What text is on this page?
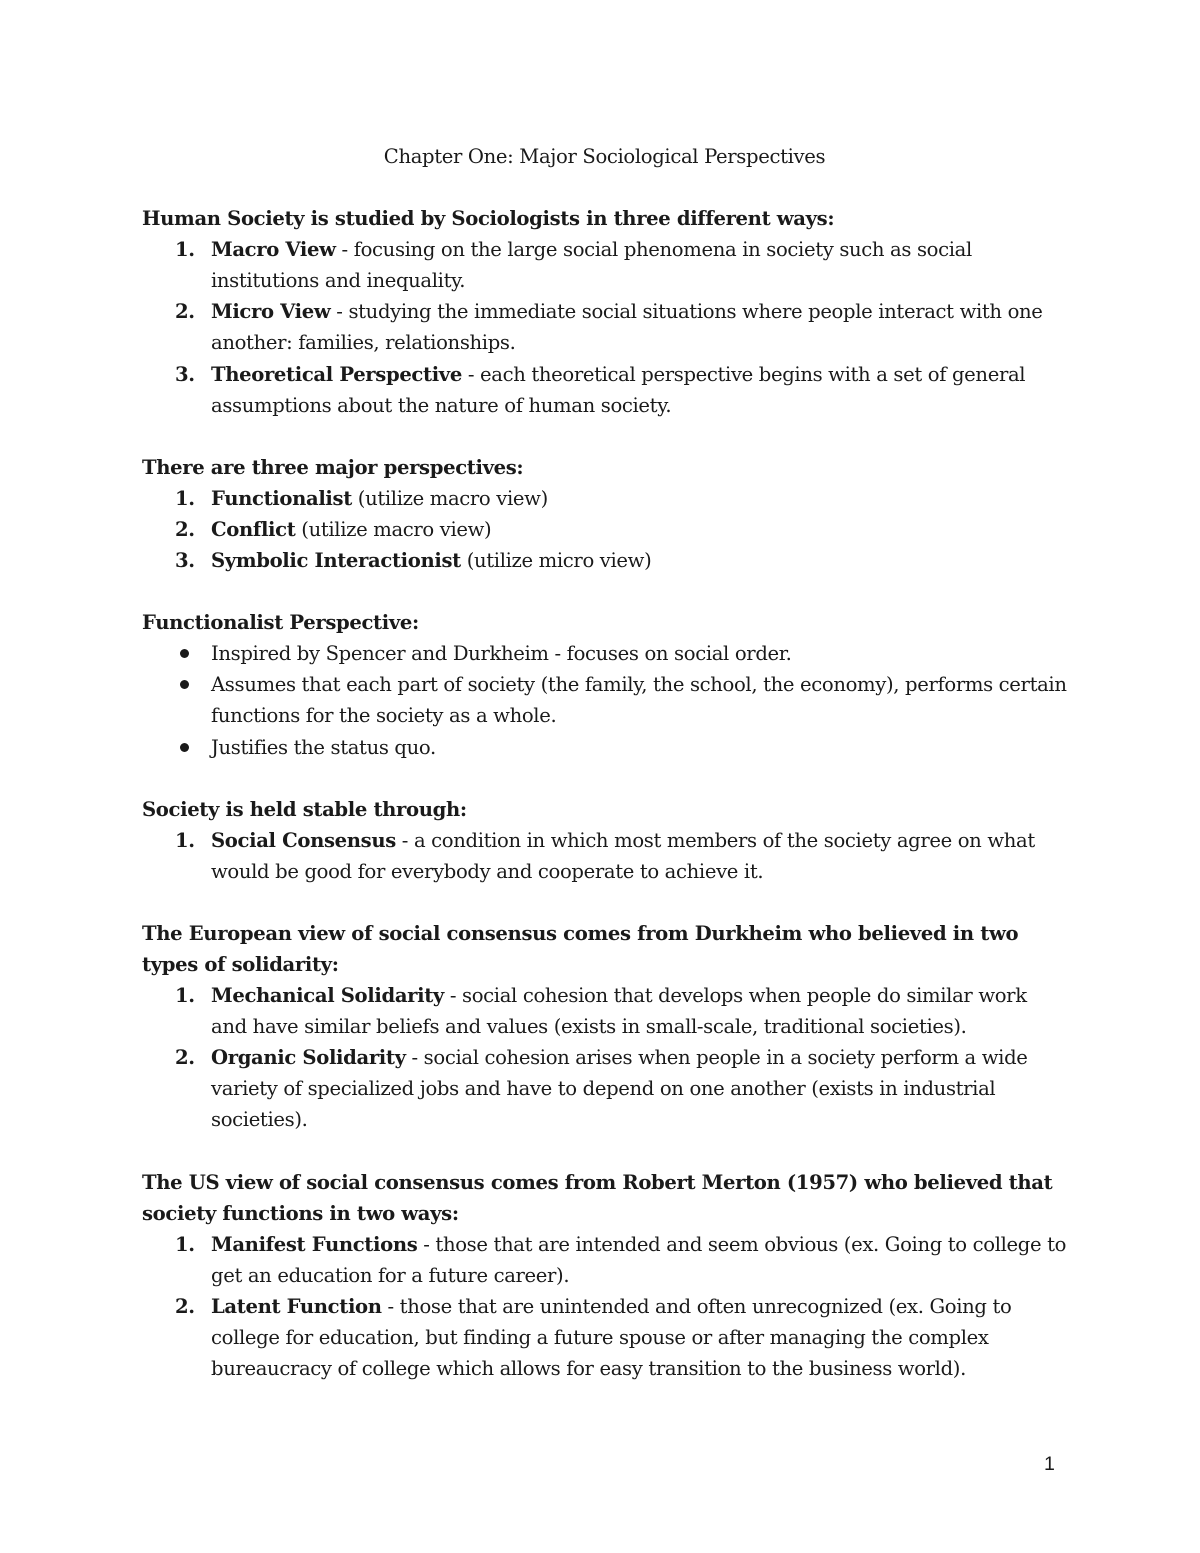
Chapter One: Major Sociological Perspectives

Human Society is studied by Sociologists in three different ways:

1. Macro View - focusing on the large social phenomena in society such as social institutions and inequality.
2. Micro View - studying the immediate social situations where people interact with one another: families, relationships.
3. Theoretical Perspective - each theoretical perspective begins with a set of general assumptions about the nature of human society.

There are three major perspectives:

1. Functionalist (utilize macro view)
2. Conflict (utilize macro view)
3. Symbolic Interactionist (utilize micro view)

Functionalist Perspective:

Inspired by Spencer and Durkheim - focuses on social order.
Assumes that each part of society (the family, the school, the economy), performs certain functions for the society as a whole.
Justifies the status quo.

Society is held stable through:

1. Social Consensus - a condition in which most members of the society agree on what would be good for everybody and cooperate to achieve it.

The European view of social consensus comes from Durkheim who believed in two types of solidarity:

1. Mechanical Solidarity - social cohesion that develops when people do similar work and have similar beliefs and values (exists in small-scale, traditional societies).
2. Organic Solidarity - social cohesion arises when people in a society perform a wide variety of specialized jobs and have to depend on one another (exists in industrial societies).

The US view of social consensus comes from Robert Merton (1957) who believed that society functions in two ways:

1. Manifest Functions - those that are intended and seem obvious (ex. Going to college to get an education for a future career).
2. Latent Function - those that are unintended and often unrecognized (ex. Going to college for education, but finding a future spouse or after managing the complex bureaucracy of college which allows for easy transition to the business world).
1
